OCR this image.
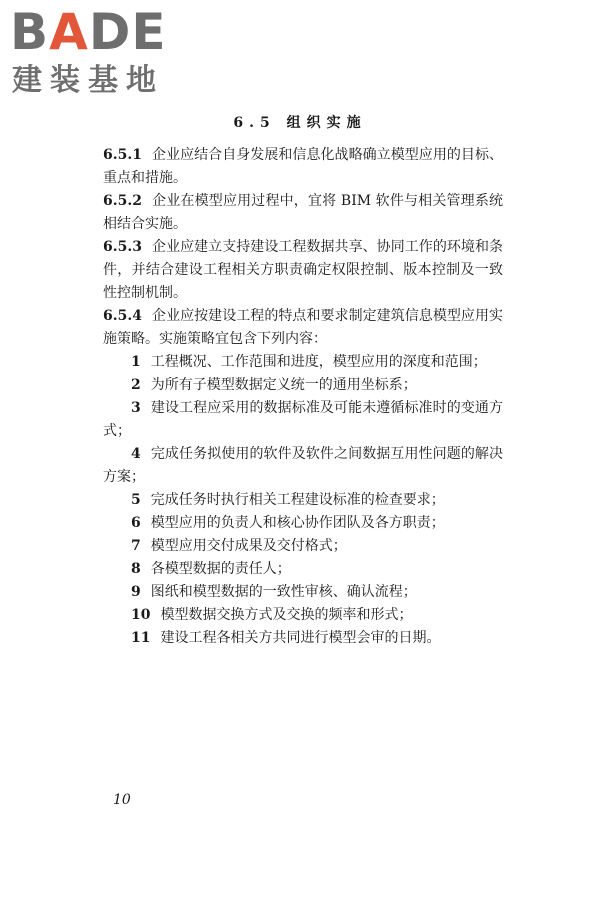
BADE
建装基地
6.5 组织实施

6.5.1 企业应结合自身发展和信息化战略确立模型应用的目标、重点和措施。

6.5.2 企业在模型应用过程中，宜将 BIM 软件与相关管理系统相结合实施。

6.5.3 企业应建立支持建设工程数据共享、协同工作的环境和条件，并结合建设工程相关方职责确定权限控制、版本控制及一致性控制机制。

6.5.4 企业应按建设工程的特点和要求制定建筑信息模型应用实施策略。实施策略宜包含下列内容：

1 工程概况、工作范围和进度，模型应用的深度和范围；
2 为所有子模型数据定义统一的通用坐标系；
3 建设工程应采用的数据标准及可能未遵循标准时的变通方式；
4 完成任务拟使用的软件及软件之间数据互用性问题的解决方案；
5 完成任务时执行相关工程建设标准的检查要求；
6 模型应用的负责人和核心协作团队及各方职责；
7 模型应用交付成果及交付格式；
8 各模型数据的责任人；
9 图纸和模型数据的一致性审核、确认流程；
10 模型数据交换方式及交换的频率和形式；
11 建设工程各相关方共同进行模型会审的日期。
10
